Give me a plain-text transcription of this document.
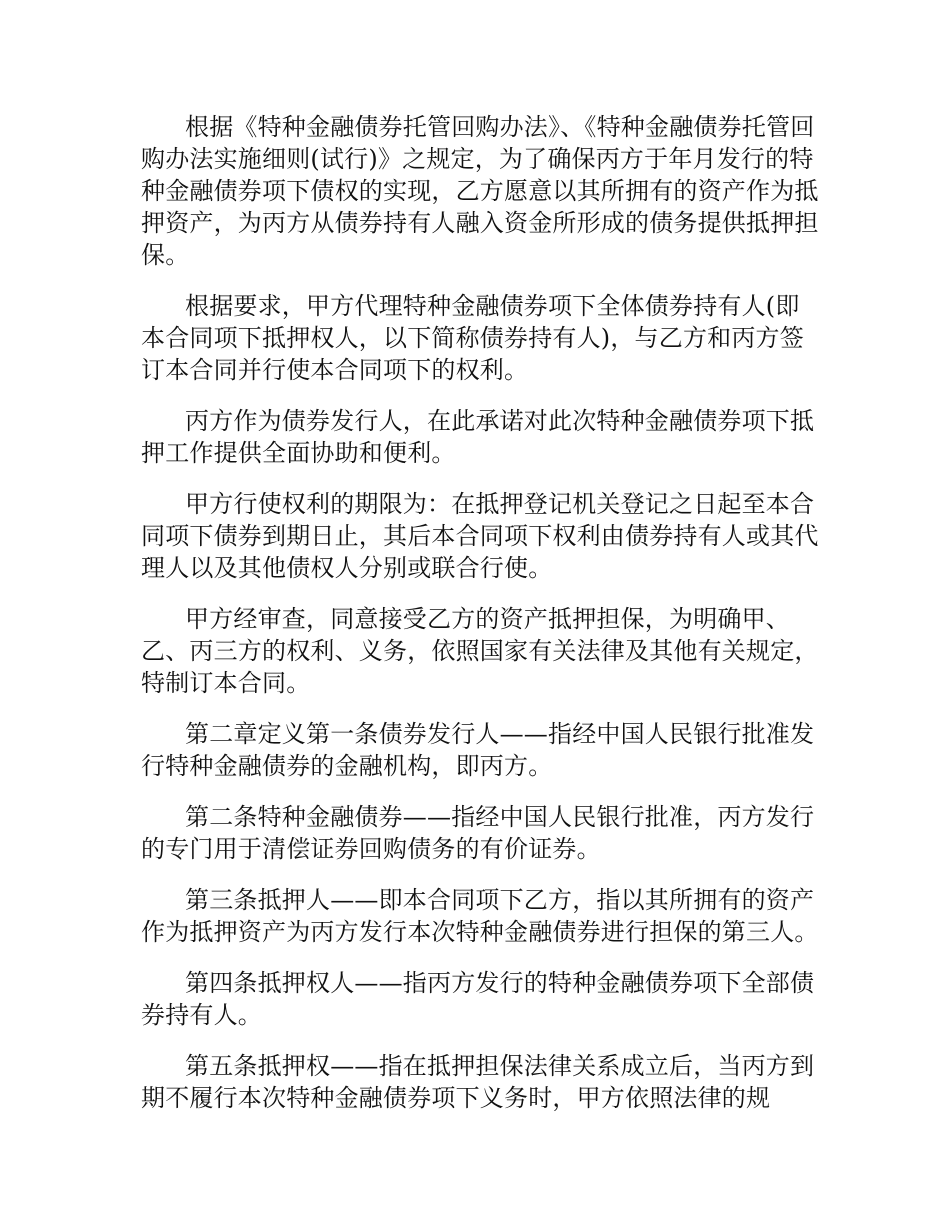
根据《特种金融债券托管回购办法》、《特种金融债券托管回购办法实施细则(试行)》之规定，为了确保丙方于年月发行的特种金融债券项下债权的实现，乙方愿意以其所拥有的资产作为抵押资产，为丙方从债券持有人融入资金所形成的债务提供抵押担保。

根据要求，甲方代理特种金融债券项下全体债券持有人(即本合同项下抵押权人，以下简称债券持有人)，与乙方和丙方签订本合同并行使本合同项下的权利。

丙方作为债券发行人，在此承诺对此次特种金融债券项下抵押工作提供全面协助和便利。

甲方行使权利的期限为：在抵押登记机关登记之日起至本合同项下债券到期日止，其后本合同项下权利由债券持有人或其代理人以及其他债权人分别或联合行使。

甲方经审查，同意接受乙方的资产抵押担保，为明确甲、乙、丙三方的权利、义务，依照国家有关法律及其他有关规定，特制订本合同。

第二章定义第一条债券发行人——指经中国人民银行批准发行特种金融债券的金融机构，即丙方。

第二条特种金融债券——指经中国人民银行批准，丙方发行的专门用于清偿证券回购债务的有价证券。

第三条抵押人——即本合同项下乙方，指以其所拥有的资产作为抵押资产为丙方发行本次特种金融债券进行担保的第三人。

第四条抵押权人——指丙方发行的特种金融债券项下全部债券持有人。

第五条抵押权——指在抵押担保法律关系成立后，当丙方到期不履行本次特种金融债券项下义务时，甲方依照法律的规
